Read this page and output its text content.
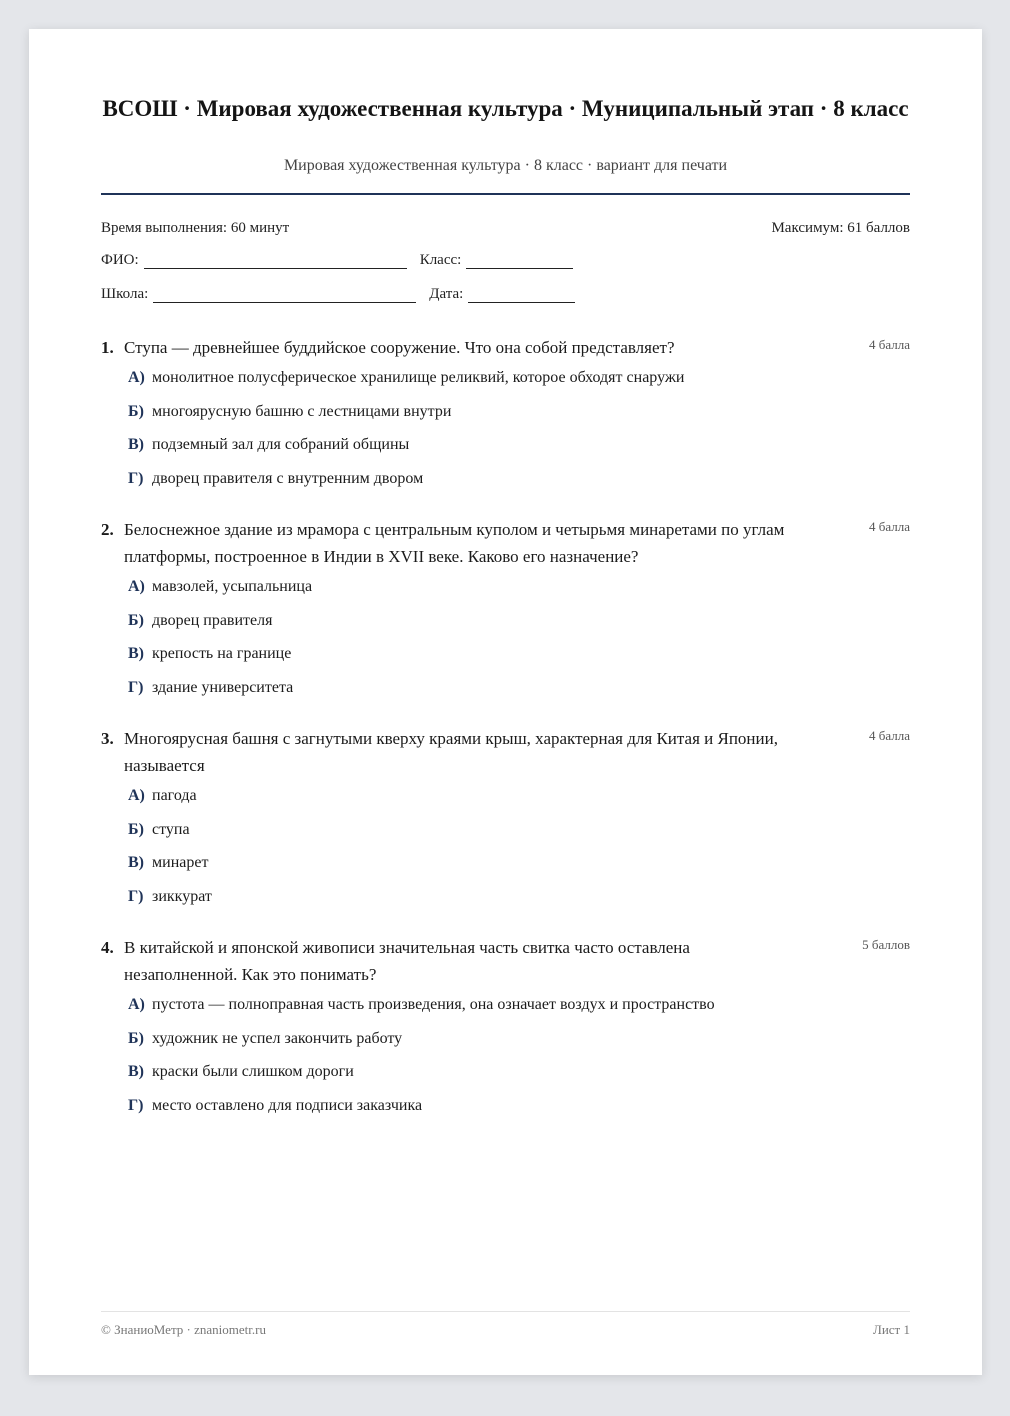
ВСОШ · Мировая художественная культура · Муниципальный этап · 8 класс
Мировая художественная культура · 8 класс · вариант для печати
Время выполнения: 60 минут	Максимум: 61 баллов
ФИО:	Класс:
Школа:	Дата:
1. Ступа — древнейшее буддийское сооружение. Что она собой представляет?	4 балла
А) монолитное полусферическое хранилище реликвий, которое обходят снаружи
Б) многоярусную башню с лестницами внутри
В) подземный зал для собраний общины
Г) дворец правителя с внутренним двором
2. Белоснежное здание из мрамора с центральным куполом и четырьмя минаретами по углам платформы, построенное в Индии в XVII веке. Каково его назначение?
4 балла
А) мавзолей, усыпальница
Б) дворец правителя
В) крепость на границе
Г) здание университета
3. Многоярусная башня с загнутыми кверху краями крыш, характерная для Китая и Японии, называется
4 балла
А) пагода
Б) ступа
В) минарет
Г) зиккурат
4. В китайской и японской живописи значительная часть свитка часто оставлена незаполненной. Как это понимать?
5 баллов
А) пустота — полноправная часть произведения, она означает воздух и пространство
Б) художник не успел закончить работу
В) краски были слишком дороги
Г) место оставлено для подписи заказчика
© ЗнаниоМетр · znaniometr.ru	Лист 1
